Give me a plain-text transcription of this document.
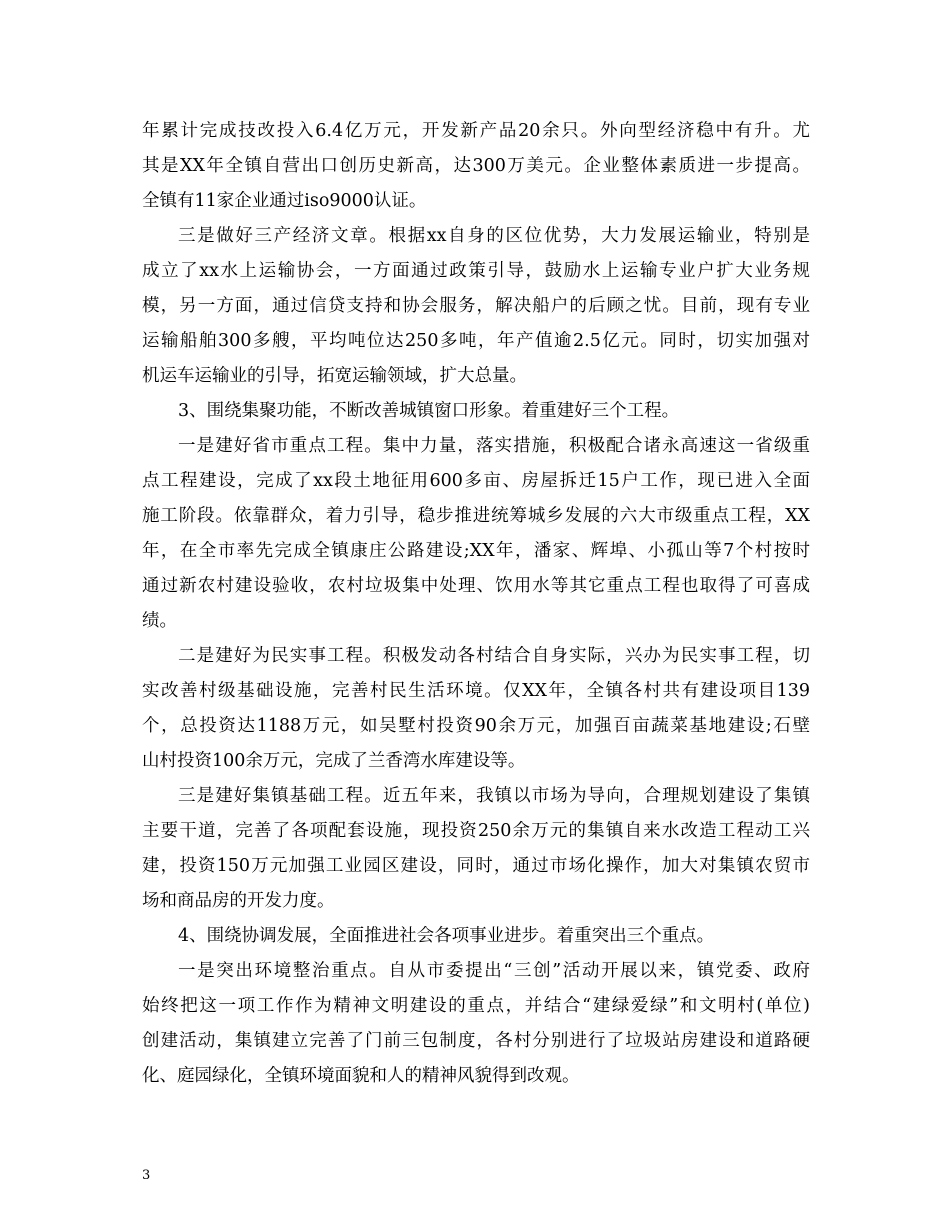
年累计完成技改投入6.4亿万元，开发新产品20余只。外向型经济稳中有升。尤
其是XX年全镇自营出口创历史新高，达300万美元。企业整体素质进一步提高。
全镇有11家企业通过iso9000认证。
三是做好三产经济文章。根据xx自身的区位优势，大力发展运输业，特别是
成立了xx水上运输协会，一方面通过政策引导，鼓励水上运输专业户扩大业务规
模，另一方面，通过信贷支持和协会服务，解决船户的后顾之忧。目前，现有专业
运输船舶300多艘，平均吨位达250多吨，年产值逾2.5亿元。同时，切实加强对
机运车运输业的引导，拓宽运输领域，扩大总量。
3、围绕集聚功能，不断改善城镇窗口形象。着重建好三个工程。
一是建好省市重点工程。集中力量，落实措施，积极配合诸永高速这一省级重
点工程建设，完成了xx段土地征用600多亩、房屋拆迁15户工作，现已进入全面
施工阶段。依靠群众，着力引导，稳步推进统筹城乡发展的六大市级重点工程，XX
年，在全市率先完成全镇康庄公路建设;XX年，潘家、辉埠、小孤山等7个村按时
通过新农村建设验收，农村垃圾集中处理、饮用水等其它重点工程也取得了可喜成
绩。
二是建好为民实事工程。积极发动各村结合自身实际，兴办为民实事工程，切
实改善村级基础设施，完善村民生活环境。仅XX年，全镇各村共有建设项目139
个，总投资达1188万元，如吴墅村投资90余万元，加强百亩蔬菜基地建设;石壁
山村投资100余万元，完成了兰香湾水库建设等。
三是建好集镇基础工程。近五年来，我镇以市场为导向，合理规划建设了集镇
主要干道，完善了各项配套设施，现投资250余万元的集镇自来水改造工程动工兴
建，投资150万元加强工业园区建设，同时，通过市场化操作，加大对集镇农贸市
场和商品房的开发力度。
4、围绕协调发展，全面推进社会各项事业进步。着重突出三个重点。
一是突出环境整治重点。自从市委提出“三创”活动开展以来，镇党委、政府
始终把这一项工作作为精神文明建设的重点，并结合“建绿爱绿”和文明村(单位)
创建活动，集镇建立完善了门前三包制度，各村分别进行了垃圾站房建设和道路硬
化、庭园绿化，全镇环境面貌和人的精神风貌得到改观。
3
